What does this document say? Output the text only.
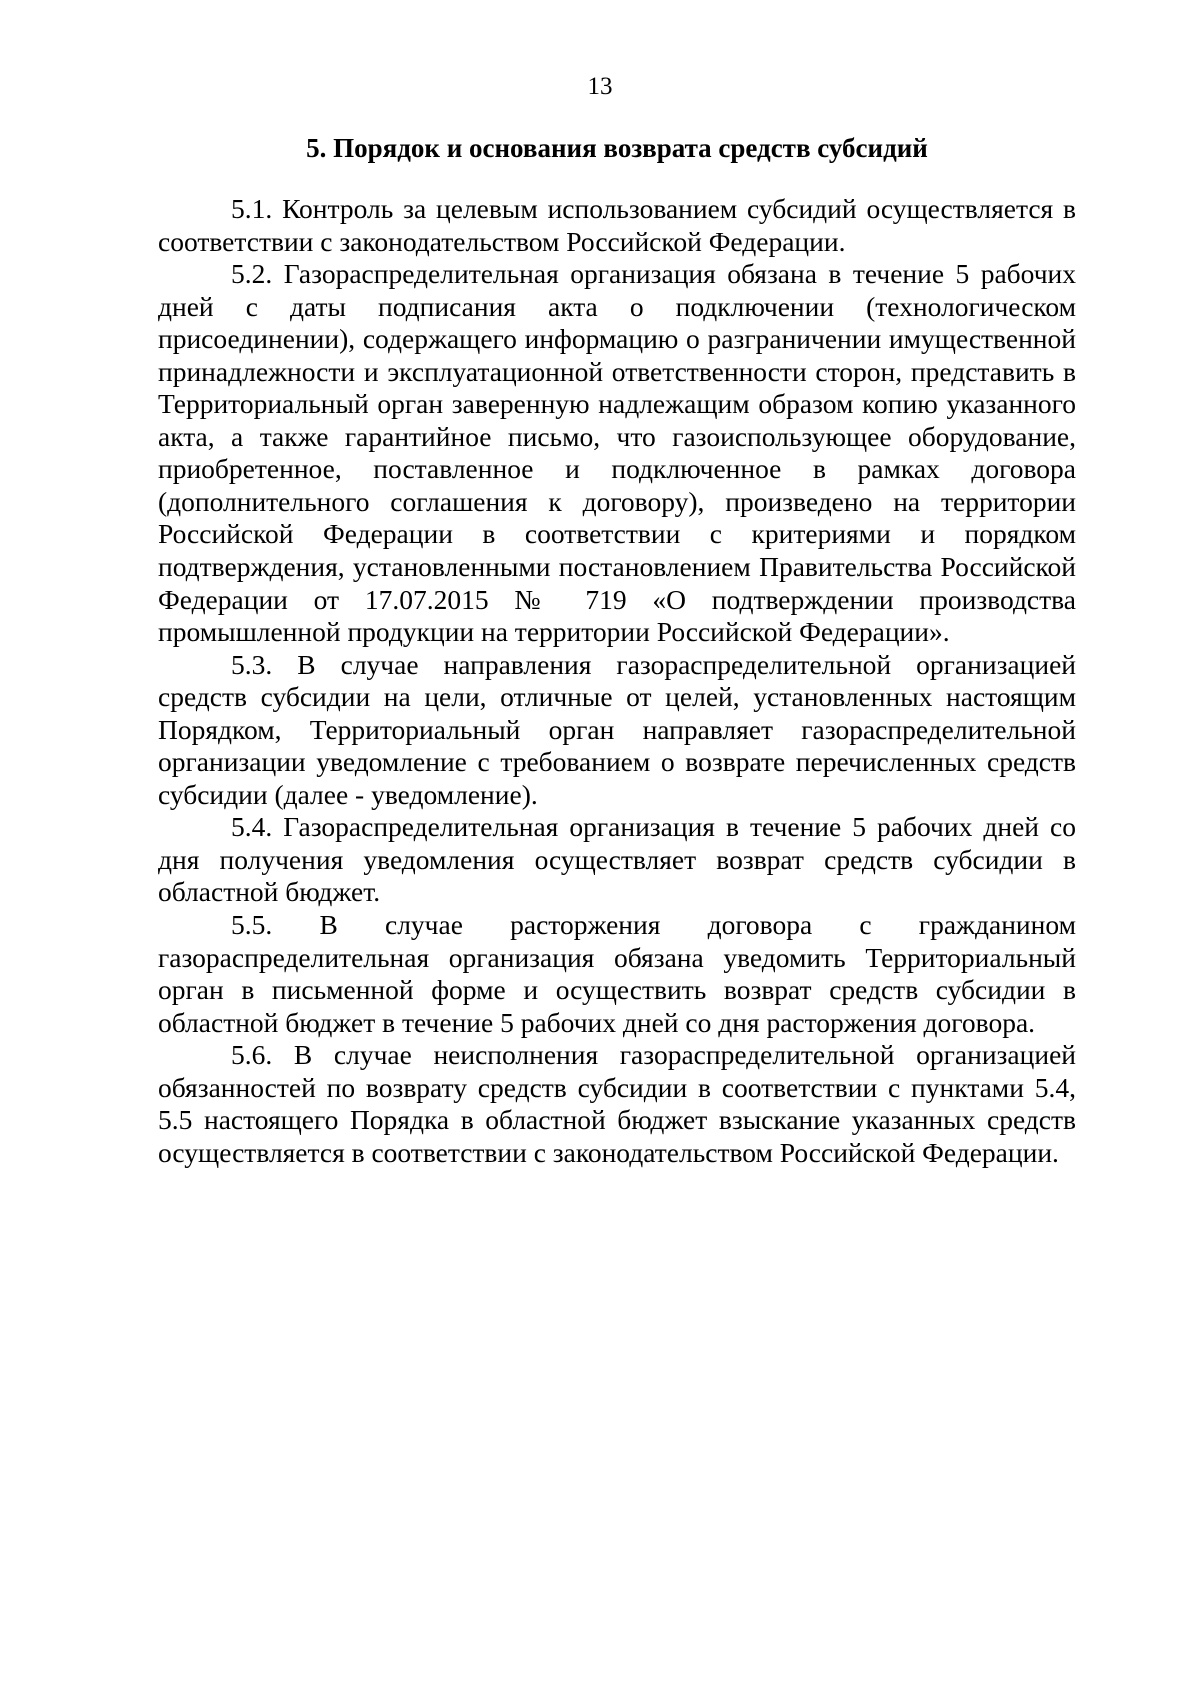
13
5. Порядок и основания возврата средств субсидий

5.1. Контроль за целевым использованием субсидий осуществляется в соответствии с законодательством Российской Федерации.

5.2. Газораспределительная организация обязана в течение 5 рабочих дней с даты подписания акта о подключении (технологическом присоединении), содержащего информацию о разграничении имущественной принадлежности и эксплуатационной ответственности сторон, представить в Территориальный орган заверенную надлежащим образом копию указанного акта, а также гарантийное письмо, что газоиспользующее оборудование, приобретенное, поставленное и подключенное в рамках договора (дополнительного соглашения к договору), произведено на территории Российской Федерации в соответствии с критериями и порядком подтверждения, установленными постановлением Правительства Российской Федерации от 17.07.2015 № 719 «О подтверждении производства промышленной продукции на территории Российской Федерации».

5.3. В случае направления газораспределительной организацией средств субсидии на цели, отличные от целей, установленных настоящим Порядком, Территориальный орган направляет газораспределительной организации уведомление с требованием о возврате перечисленных средств субсидии (далее - уведомление).

5.4. Газораспределительная организация в течение 5 рабочих дней со дня получения уведомления осуществляет возврат средств субсидии в областной бюджет.

5.5. В случае расторжения договора с гражданином газораспределительная организация обязана уведомить Территориальный орган в письменной форме и осуществить возврат средств субсидии в областной бюджет в течение 5 рабочих дней со дня расторжения договора.

5.6. В случае неисполнения газораспределительной организацией обязанностей по возврату средств субсидии в соответствии с пунктами 5.4, 5.5 настоящего Порядка в областной бюджет взыскание указанных средств осуществляется в соответствии с законодательством Российской Федерации.
